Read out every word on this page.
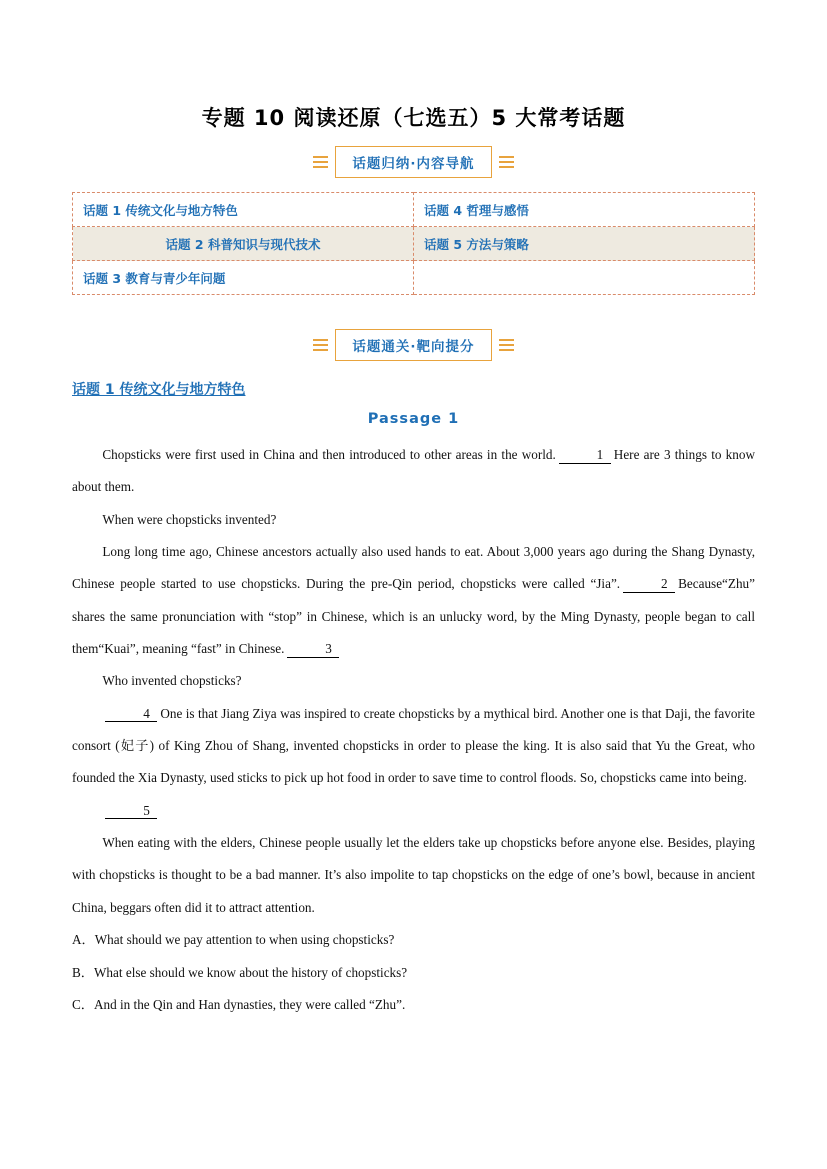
专题 10 阅读还原（七选五）5 大常考话题
话题归纳·内容导航
话题 1 传统文化与地方特色	话题 4 哲理与感悟
话题 2 科普知识与现代技术	话题 5 方法与策略
话题 3 教育与青少年问题	
话题通关·靶向提分
话题 1 传统文化与地方特色
Passage 1

Chopsticks were first used in China and then introduced to other areas in the world.	1 Here are 3 things to know about them.

When were chopsticks invented?

Long long time ago, Chinese ancestors actually also used hands to eat. About 3,000 years ago during the Shang Dynasty, Chinese people started to use chopsticks. During the pre-Qin period, chopsticks were called “Jia”.	2 Because“Zhu” shares the same pronunciation with “stop” in Chinese, which is an unlucky word, by the Ming Dynasty, people began to call them“Kuai”, meaning “fast” in Chinese.	3

Who invented chopsticks?

4 One is that Jiang Ziya was inspired to create chopsticks by a mythical bird. Another one is that Daji, the favorite consort (妃子) of King Zhou of Shang, invented chopsticks in order to please the king. It is also said that Yu the Great, who founded the Xia Dynasty, used sticks to pick up hot food in order to save time to control floods. So, chopsticks came into being.

5

When eating with the elders, Chinese people usually let the elders take up chopsticks before anyone else. Besides, playing with chopsticks is thought to be a bad manner. It’s also impolite to tap chopsticks on the edge of one’s bowl, because in ancient China, beggars often did it to attract attention.

A．What should we pay attention to when using chopsticks?

B．What else should we know about the history of chopsticks?

C．And in the Qin and Han dynasties, they were called “Zhu”.
